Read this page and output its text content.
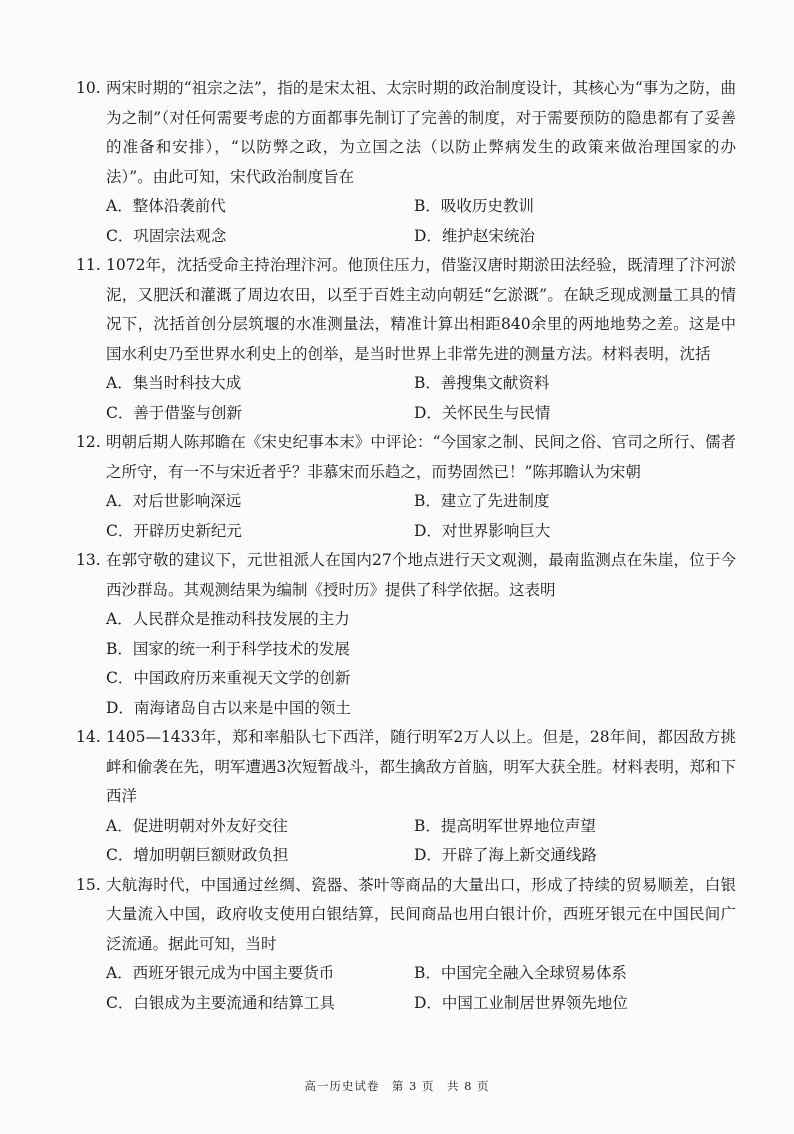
10. 两宋时期的“祖宗之法”，指的是宋太祖、太宗时期的政治制度设计，其核心为“事为之防，曲为之制”（对任何需要考虑的方面都事先制订了完善的制度，对于需要预防的隐患都有了妥善的准备和安排），“以防弊之政，为立国之法（以防止弊病发生的政策来做治理国家的办法）”。由此可知，宋代政治制度旨在
A．整体沿袭前代	B．吸收历史教训
C．巩固宗法观念	D．维护赵宋统治
11. 1072年，沈括受命主持治理汴河。他顶住压力，借鉴汉唐时期淤田法经验，既清理了汴河淤泥，又肥沃和灌溉了周边农田，以至于百姓主动向朝廷“乞淤溉”。在缺乏现成测量工具的情况下，沈括首创分层筑堰的水准测量法，精准计算出相距840余里的两地地势之差。这是中国水利史乃至世界水利史上的创举，是当时世界上非常先进的测量方法。材料表明，沈括
A．集当时科技大成	B．善搜集文献资料
C．善于借鉴与创新	D．关怀民生与民情
12. 明朝后期人陈邦瞻在《宋史纪事本末》中评论：“今国家之制、民间之俗、官司之所行、儒者之所守，有一不与宋近者乎？非慕宋而乐趋之，而势固然已！”陈邦瞻认为宋朝
A．对后世影响深远	B．建立了先进制度
C．开辟历史新纪元	D．对世界影响巨大
13. 在郭守敬的建议下，元世祖派人在国内27个地点进行天文观测，最南监测点在朱崖，位于今西沙群岛。其观测结果为编制《授时历》提供了科学依据。这表明
A．人民群众是推动科技发展的主力
B．国家的统一利于科学技术的发展
C．中国政府历来重视天文学的创新
D．南海诸岛自古以来是中国的领土
14. 1405—1433年，郑和率船队七下西洋，随行明军2万人以上。但是，28年间，都因敌方挑衅和偷袭在先，明军遭遇3次短暂战斗，都生擒敌方首脑，明军大获全胜。材料表明，郑和下西洋
A．促进明朝对外友好交往	B．提高明军世界地位声望
C．增加明朝巨额财政负担	D．开辟了海上新交通线路
15. 大航海时代，中国通过丝绸、瓷器、茶叶等商品的大量出口，形成了持续的贸易顺差，白银大量流入中国，政府收支使用白银结算，民间商品也用白银计价，西班牙银元在中国民间广泛流通。据此可知，当时
A．西班牙银元成为中国主要货币	B．中国完全融入全球贸易体系
C．白银成为主要流通和结算工具	D．中国工业制居世界领先地位
高一历史试卷　第 3 页　共 8 页
